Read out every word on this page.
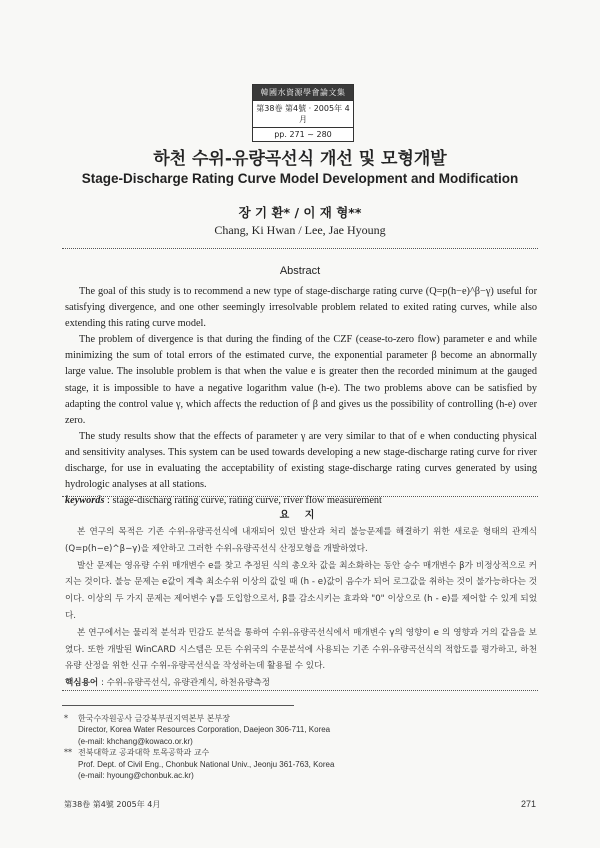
韓國水資源學會論文集
第38卷 第4號 · 2005年 4月
pp. 271 ~ 280
하천 수위-유량곡선식 개선 및 모형개발
Stage-Discharge Rating Curve Model Development and Modification
장 기 환* / 이 재 형**
Chang, Ki Hwan / Lee, Jae Hyoung
Abstract

The goal of this study is to recommend a new type of stage-discharge rating curve (Q=p(h−e)^β−γ) useful for satisfying divergence, and one other seemingly irresolvable problem related to exited rating curves, while also extending this rating curve model.

The problem of divergence is that during the finding of the CZF (cease-to-zero flow) parameter e and while minimizing the sum of total errors of the estimated curve, the exponential parameter β become an abnormally large value. The insoluble problem is that when the value e is greater then the recorded minimum at the gauged stage, it is impossible to have a negative logarithm value (h-e). The two problems above can be satisfied by adapting the control value γ, which affects the reduction of β and gives us the possibility of controlling (h-e) over zero.

The study results show that the effects of parameter γ are very similar to that of e when conducting physical and sensitivity analyses. This system can be used towards developing a new stage-discharge rating curve for river discharge, for use in evaluating the acceptability of existing stage-discharge rating curves generated by using hydrologic analyses at all stations.

keywords : stage-discharg rating curve, rating curve, river flow measurement
요 지

본 연구의 목적은 기존 수위-유량곡선식에 내재되어 있던 발산과 처리 불능문제를 해결하기 위한 새로운 형태의 관계식(Q=p(h−e)^β−γ)을 제안하고 그러한 수위-유량곡선식 산정모형을 개발하였다.

발산 문제는 영유량 수위 매개변수 e를 찾고 추정된 식의 총오차 값을 최소화하는 동안 승수 매개변수 β가 비정상적으로 커지는 것이다. 불능 문제는 e값이 계측 최소수위 이상의 값일 때 (h - e)값이 음수가 되어 로그값을 취하는 것이 불가능하다는 것이다. 이상의 두 가지 문제는 제어변수 γ를 도입함으로서, β를 감소시키는 효과와 "0" 이상으로 (h - e)를 제어할 수 있게 되었다.

본 연구에서는 물리적 분석과 민감도 분석을 통하여 수위-유량곡선식에서 매개변수 γ의 영향이 e 의 영향과 거의 같음을 보였다. 또한 개발된 WinCARD 시스템은 모든 수위국의 수문분석에 사용되는 기존 수위-유량곡선식의 적합도를 평가하고, 하천유량 산정을 위한 신규 수위-유량곡선식을 작성하는데 활용될 수 있다.

핵심용어 : 수위-유량곡선식, 유량관계식, 하천유량측정
*	한국수자원공사 금강북부권지역본부 본부장
Director, Korea Water Resources Corporation, Daejeon 306-711, Korea
(e-mail: khchang@kowaco.or.kr)
** 전북대학교 공과대학 토목공학과 교수
Prof. Dept. of Civil Eng., Chonbuk National Univ., Jeonju 361-763, Korea
(e-mail: hyoung@chonbuk.ac.kr)
第38卷 第4號 2005年 4月	271
